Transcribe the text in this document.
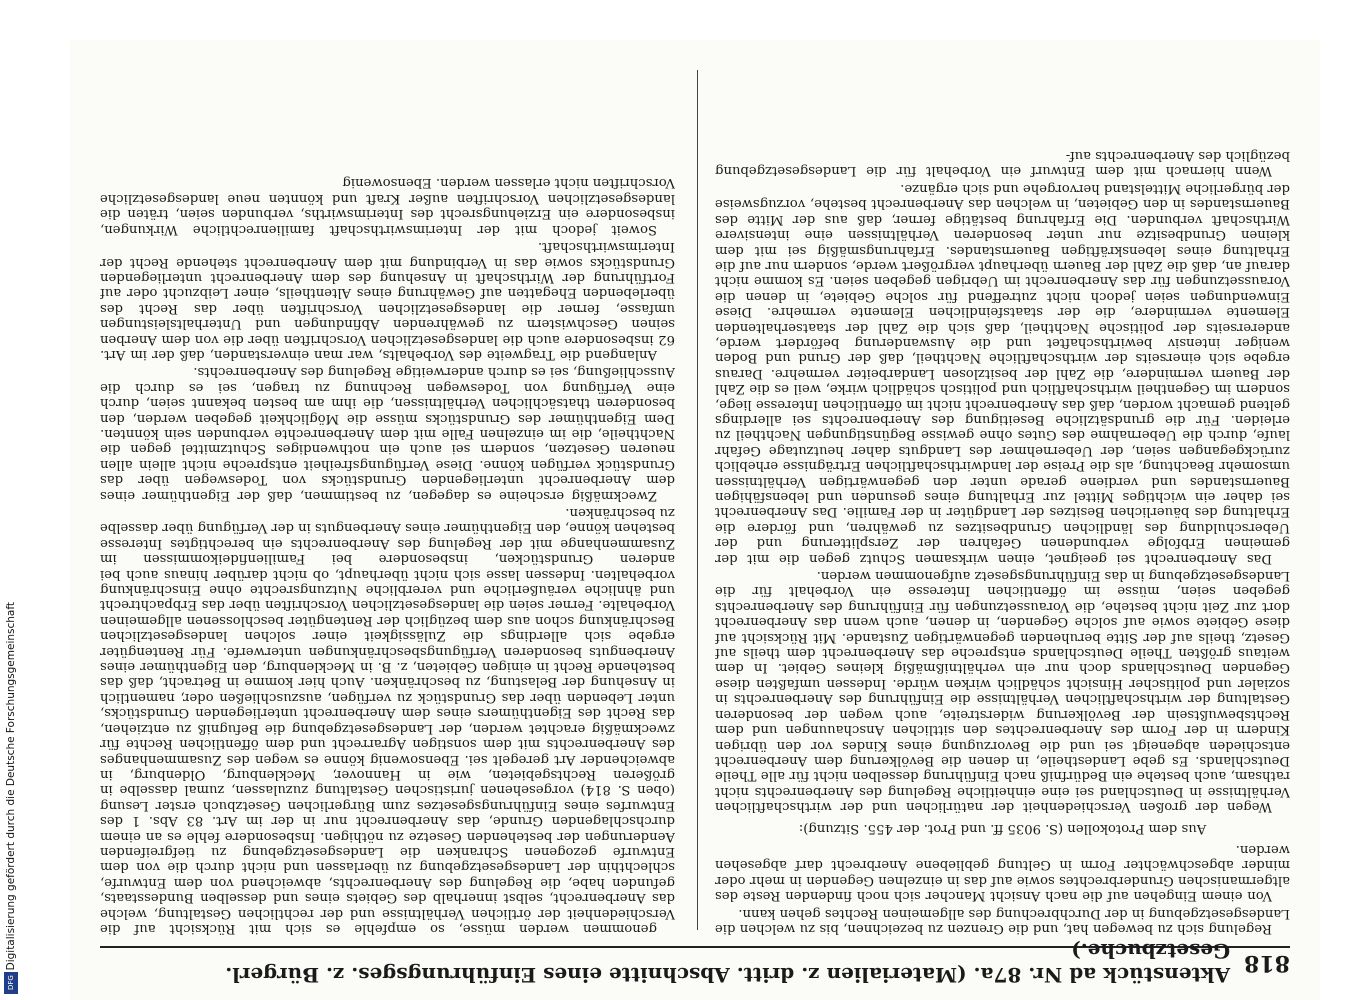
Digitalisierung gefördert durch die Deutsche Forschungsgemeinschaft
DFG
818
Aktenstück ad Nr. 87a. (Materialien z. dritt. Abschnitte eines Einführungsges. z. Bürgerl. Gesetzbuche.)

Regelung sich zu bewegen hat, und die Grenzen zu bezeichnen, bis zu welchen die Landesgesetzgebung in der Durchbrechung des allgemeinen Rechtes gehen kann.

Von einem Eingehen auf die nach Ansicht Mancher sich noch findenden Reste des altgermanischen Grunderbrechtes sowie auf das in einzelnen Gegenden in mehr oder minder abgeschwächter Form in Geltung gebliebene Anerbrecht darf abgesehen werden.

Aus dem Protokollen (S. 9035 ff. und Prot. der 455. Sitzung):

Wegen der großen Verschiedenheit der natürlichen und der wirthschaftlichen Verhältnisse in Deutschland sei eine einheitliche Regelung des Anerbenrechts nicht rathsam, auch bestehe ein Bedürfniß nach Einführung desselben nicht für alle Theile Deutschlands. Es gebe Landestheile, in denen die Bevölkerung dem Anerbenrecht entschieden abgeneigt sei und die Bevorzugung eines Kindes vor den übrigen Kindern in der Form des Anerbenrechtes den sittlichen Anschauungen und dem Rechtsbewußtsein der Bevölkerung widerstreite, auch wegen der besonderen Gestaltung der wirthschaftlichen Verhältnisse die Einführung des Anerbenrechts in sozialer und politischer Hinsicht schädlich wirken würde. Indessen umfaßten diese Gegenden Deutschlands doch nur ein verhältnißmäßig kleines Gebiet. In dem weitaus größten Theile Deutschlands entspreche das Anerbenrecht dem theils auf Gesetz, theils auf der Sitte beruhenden gegenwärtigen Zustande. Mit Rücksicht auf diese Gebiete sowie auf solche Gegenden, in denen, auch wenn das Anerbenrecht dort zur Zeit nicht bestehe, die Voraussetzungen für Einführung des Anerbenrechts gegeben seien, müsse im öffentlichen Interesse ein Vorbehalt für die Landesgesetzgebung in das Einführungsgesetz aufgenommen werden.

Das Anerbenrecht sei geeignet, einen wirksamen Schutz gegen die mit der gemeinen Erbfolge verbundenen Gefahren der Zersplitterung und der Ueberschuldung des ländlichen Grundbesitzes zu gewähren, und fördere die Erhaltung des bäuerlichen Besitzes der Landgüter in der Familie. Das Anerbenrecht sei daher ein wichtiges Mittel zur Erhaltung eines gesunden und lebensfähigen Bauernstandes und verdiene gerade unter den gegenwärtigen Verhältnissen umsomehr Beachtung, als die Preise der landwirthschaftlichen Erträgnisse erheblich zurückgegangen seien, der Uebernehmer des Landguts daher heutzutage Gefahr laufe, durch die Uebernahme des Gutes ohne gewisse Begünstigungen Nachtheil zu erleiden. Für die grundsätzliche Beseitigung des Anerbenrechts sei allerdings geltend gemacht worden, daß das Anerbenrecht nicht im öffentlichen Interesse liege, sondern im Gegentheil wirthschaftlich und politisch schädlich wirke, weil es die Zahl der Bauern vermindere, die Zahl der besitzlosen Landarbeiter vermehre. Daraus ergebe sich einerseits der wirthschaftliche Nachtheil, daß der Grund und Boden weniger intensiv bewirthschaftet und die Auswanderung befördert werde, andererseits der politische Nachtheil, daß sich die Zahl der staatserhaltenden Elemente vermindere, die der staatsfeindlichen Elemente vermehre. Diese Einwendungen seien jedoch nicht zutreffend für solche Gebiete, in denen die Voraussetzungen für das Anerbenrecht im Uebrigen gegeben seien. Es komme nicht darauf an, daß die Zahl der Bauern überhaupt vergrößert werde, sondern nur auf die Erhaltung eines lebenskräftigen Bauernstandes. Erfahrungsmäßig sei mit dem kleinen Grundbesitze nur unter besonderen Verhältnissen eine intensivere Wirthschaft verbunden. Die Erfahrung bestätige ferner, daß aus der Mitte des Bauernstandes in den Gebieten, in welchen das Anerbenrecht bestehe, vorzugsweise der bürgerliche Mittelstand hervorgehe und sich ergänze.

Wenn hiernach mit dem Entwurf ein Vorbehalt für die Landesgesetzgebung bezüglich des Anerbenrechts auf-

genommen werden müsse, so empfehle es sich mit Rücksicht auf die Verschiedenheit der örtlichen Verhältnisse und der rechtlichen Gestaltung, welche das Anerbenrecht, selbst innerhalb des Gebiets eines und desselben Bundesstaats, gefunden habe, die Regelung des Anerbenrechts, abweichend von dem Entwurfe, schlechthin der Landesgesetzgebung zu überlassen und nicht durch die von dem Entwurfe gezogenen Schranken die Landesgesetzgebung zu tiefgreifenden Aenderungen der bestehenden Gesetze zu nöthigen. Insbesondere fehle es an einem durchschlagenden Grunde, das Anerbenrecht nur in der im Art. 83 Abs. 1 des Entwurfes eines Einführungsgesetzes zum Bürgerlichen Gesetzbuch erster Lesung (oben S. 814) vorgesehenen juristischen Gestaltung zuzulassen, zumal dasselbe in größeren Rechtsgebieten, wie in Hannover, Mecklenburg, Oldenburg, in abweichender Art geregelt sei. Ebensowenig könne es wegen des Zusammenhanges des Anerbenrechts mit dem sonstigen Agrarrecht und dem öffentlichen Rechte für zweckmäßig erachtet werden, der Landesgesetzgebung die Befugniß zu entziehen, das Recht des Eigenthümers eines dem Anerbenrecht unterliegenden Grundstücks, unter Lebenden über das Grundstück zu verfügen, auszuschließen oder, namentlich in Ansehung der Belastung, zu beschränken. Auch hier komme in Betracht, daß das bestehende Recht in einigen Gebieten, z. B. in Mecklenburg, den Eigenthümer eines Anerbenguts besonderen Verfügungsbeschränkungen unterwerfe. Für Rentengüter ergebe sich allerdings die Zulässigkeit einer solchen landesgesetzlichen Beschränkung schon aus dem bezüglich der Rentengüter beschlossenen allgemeinen Vorbehalte. Ferner seien die landesgesetzlichen Vorschriften über das Erbpachtrecht und ähnliche veräußerliche und vererbliche Nutzungsrechte ohne Einschränkung vorbehalten. Indessen lasse sich nicht überhaupt, ob nicht darüber hinaus auch bei anderen Grundstücken, insbesondere bei Familienfideikommissen im Zusammenhange mit der Regelung des Anerbenrechts ein berechtigtes Interesse bestehen könne, den Eigenthümer eines Anerbenguts in der Verfügung über dasselbe zu beschränken.

Zweckmäßig erscheine es dagegen, zu bestimmen, daß der Eigenthümer eines dem Anerbenrecht unterliegenden Grundstücks von Todeswegen über das Grundstück verfügen könne. Diese Verfügungsfreiheit entspreche nicht allein allen neueren Gesetzen, sondern sei auch ein nothwendiges Schutzmittel gegen die Nachtheile, die im einzelnen Falle mit dem Anerbenrechte verbunden sein könnten. Dem Eigenthümer des Grundstücks müsse die Möglichkeit gegeben werden, den besonderen thatsächlichen Verhältnissen, die ihm am besten bekannt seien, durch eine Verfügung von Todeswegen Rechnung zu tragen, sei es durch die Ausschließung, sei es durch anderweitige Regelung des Anerbenrechts.

Anlangend die Tragweite des Vorbehalts, war man einverstanden, daß der im Art. 62 insbesondere auch die landesgesetzlichen Vorschriften über die von dem Anerben seinen Geschwistern zu gewährenden Abfindungen und Unterhaltsleistungen umfasse, ferner die landesgesetzlichen Vorschriften über das Recht des überlebenden Ehegatten auf Gewährung eines Altentheils, einer Leibzucht oder auf Fortführung der Wirthschaft in Ansehung des dem Anerbenrecht unterliegenden Grundstücks sowie das in Verbindung mit dem Anerbenrecht stehende Recht der Interimswirthschaft.

Soweit jedoch mit der Interimswirthschaft familienrechtliche Wirkungen, insbesondere ein Erziehungsrecht des Interimswirths, verbunden seien, träten die landesgesetzlichen Vorschriften außer Kraft und könnten neue landesgesetzliche Vorschriften nicht erlassen werden. Ebensowenig
